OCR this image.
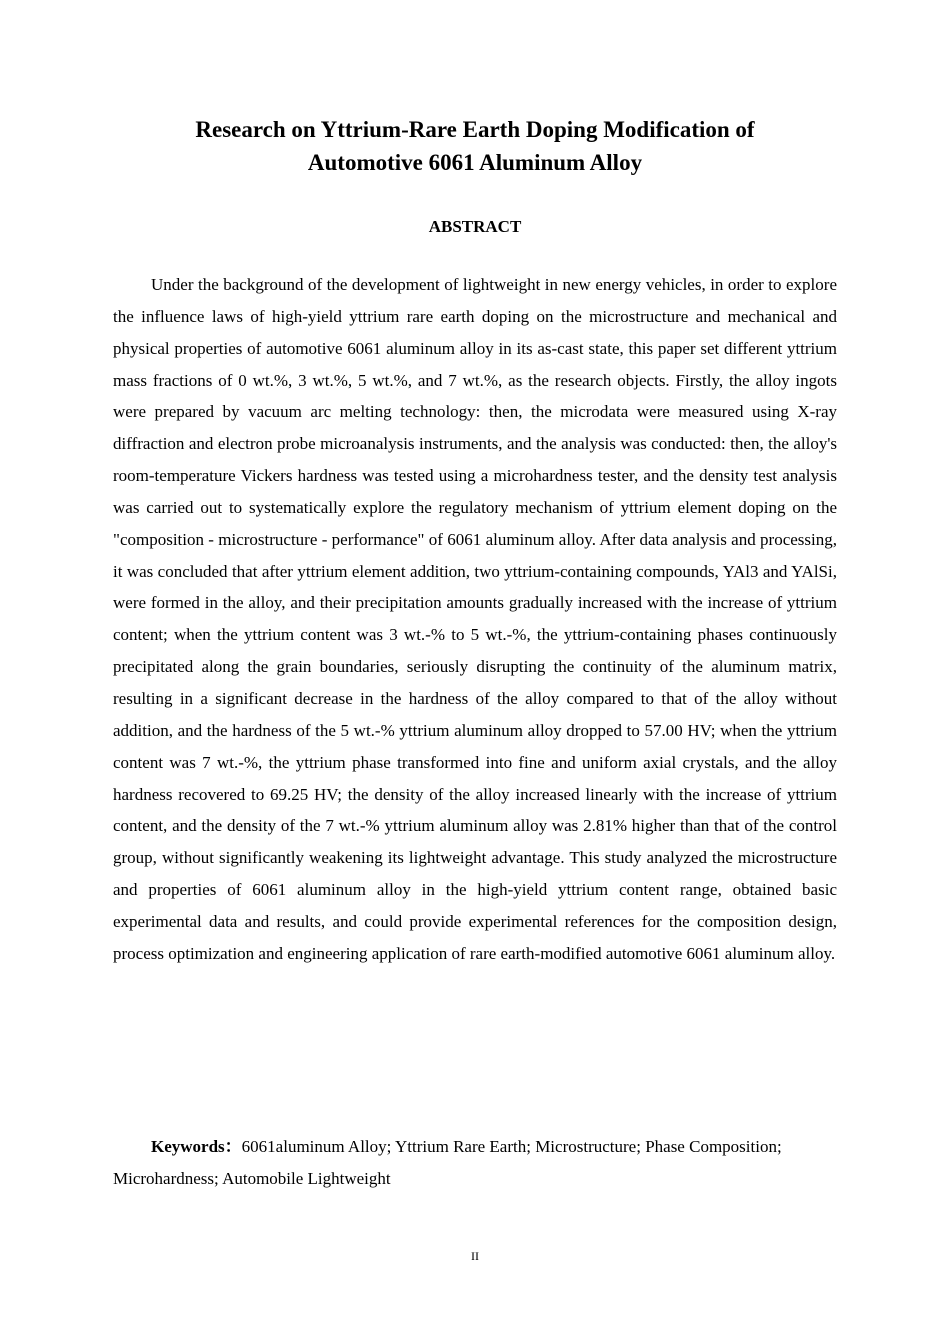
Research on Yttrium-Rare Earth Doping Modification of
Automotive 6061 Aluminum Alloy
ABSTRACT

Under the background of the development of lightweight in new energy vehicles, in order to explore the influence laws of high-yield yttrium rare earth doping on the microstructure and mechanical and physical properties of automotive 6061 aluminum alloy in its as-cast state, this paper set different yttrium mass fractions of 0 wt.%, 3 wt.%, 5 wt.%, and 7 wt.%, as the research objects. Firstly, the alloy ingots were prepared by vacuum arc melting technology: then, the microdata were measured using X-ray diffraction and electron probe microanalysis instruments, and the analysis was conducted: then, the alloy's room-temperature Vickers hardness was tested using a microhardness tester, and the density test analysis was carried out to systematically explore the regulatory mechanism of yttrium element doping on the "composition - microstructure - performance" of 6061 aluminum alloy. After data analysis and processing, it was concluded that after yttrium element addition, two yttrium-containing compounds, YAl3 and YAlSi, were formed in the alloy, and their precipitation amounts gradually increased with the increase of yttrium content; when the yttrium content was 3 wt.-% to 5 wt.-%, the yttrium-containing phases continuously precipitated along the grain boundaries, seriously disrupting the continuity of the aluminum matrix, resulting in a significant decrease in the hardness of the alloy compared to that of the alloy without addition, and the hardness of the 5 wt.-% yttrium aluminum alloy dropped to 57.00 HV; when the yttrium content was 7 wt.-%, the yttrium phase transformed into fine and uniform axial crystals, and the alloy hardness recovered to 69.25 HV; the density of the alloy increased linearly with the increase of yttrium content, and the density of the 7 wt.-% yttrium aluminum alloy was 2.81% higher than that of the control group, without significantly weakening its lightweight advantage. This study analyzed the microstructure and properties of 6061 aluminum alloy in the high-yield yttrium content range, obtained basic experimental data and results, and could provide experimental references for the composition design, process optimization and engineering application of rare earth-modified automotive 6061 aluminum alloy.

Keywords：6061aluminum Alloy; Yttrium Rare Earth; Microstructure; Phase Composition; Microhardness; Automobile Lightweight

II
